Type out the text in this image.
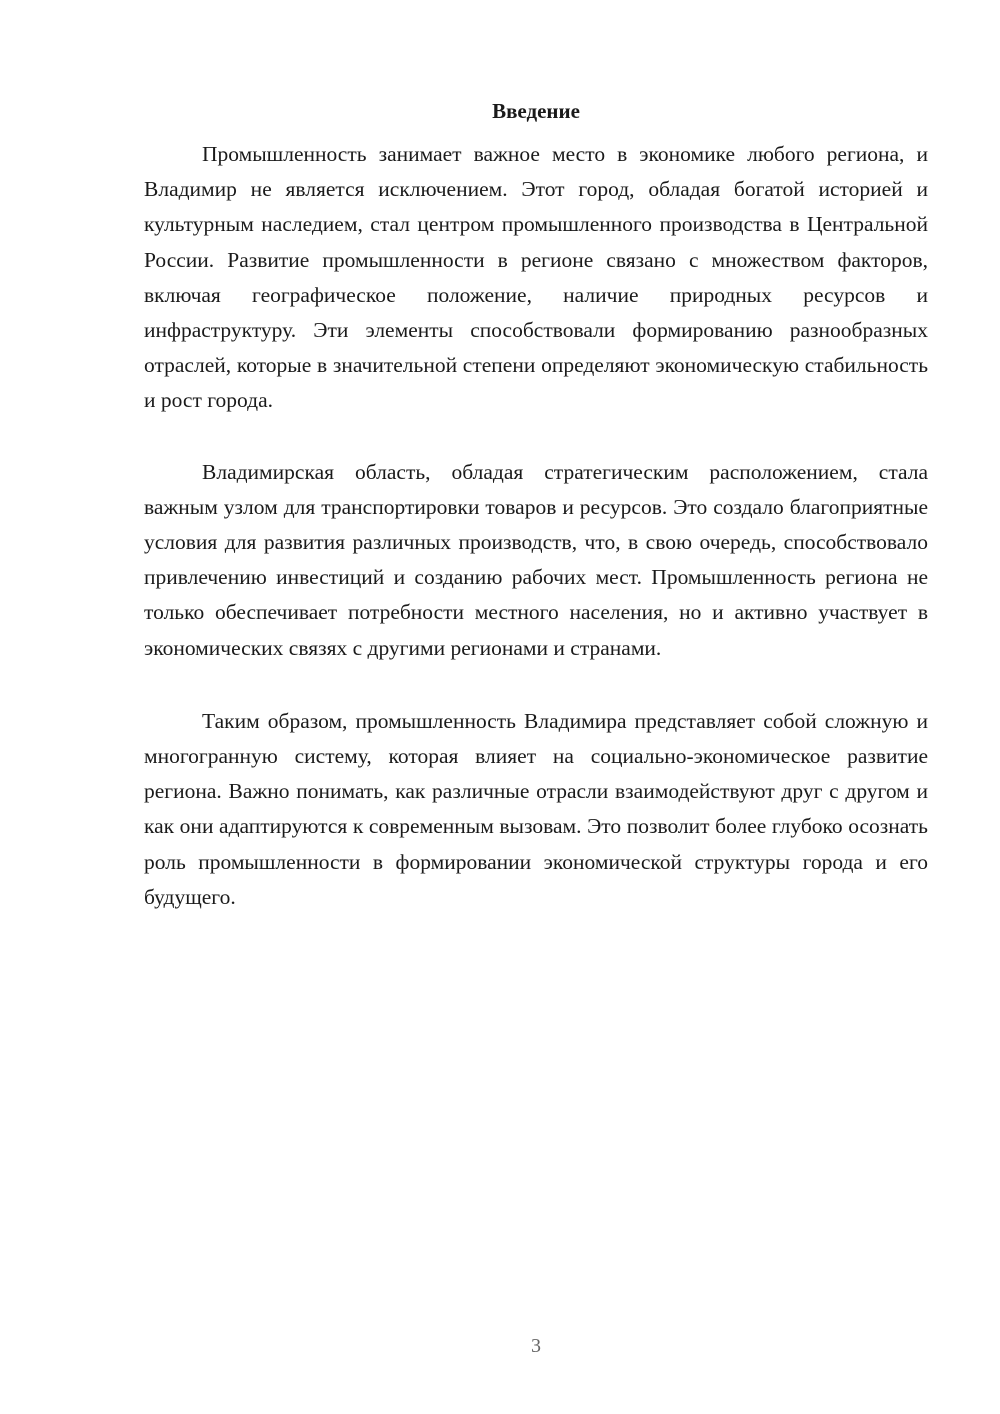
Введение

Промышленность занимает важное место в экономике любого региона, и Владимир не является исключением. Этот город, обладая богатой историей и культурным наследием, стал центром промышленного производства в Центральной России. Развитие промышленности в регионе связано с множеством факторов, включая географическое положение, наличие природных ресурсов и инфраструктуру. Эти элементы способствовали формированию разнообразных отраслей, которые в значительной степени определяют экономическую стабильность и рост города.

Владимирская область, обладая стратегическим расположением, стала важным узлом для транспортировки товаров и ресурсов. Это создало благоприятные условия для развития различных производств, что, в свою очередь, способствовало привлечению инвестиций и созданию рабочих мест. Промышленность региона не только обеспечивает потребности местного населения, но и активно участвует в экономических связях с другими регионами и странами.

Таким образом, промышленность Владимира представляет собой сложную и многогранную систему, которая влияет на социально-экономическое развитие региона. Важно понимать, как различные отрасли взаимодействуют друг с другом и как они адаптируются к современным вызовам. Это позволит более глубоко осознать роль промышленности в формировании экономической структуры города и его будущего.

3
